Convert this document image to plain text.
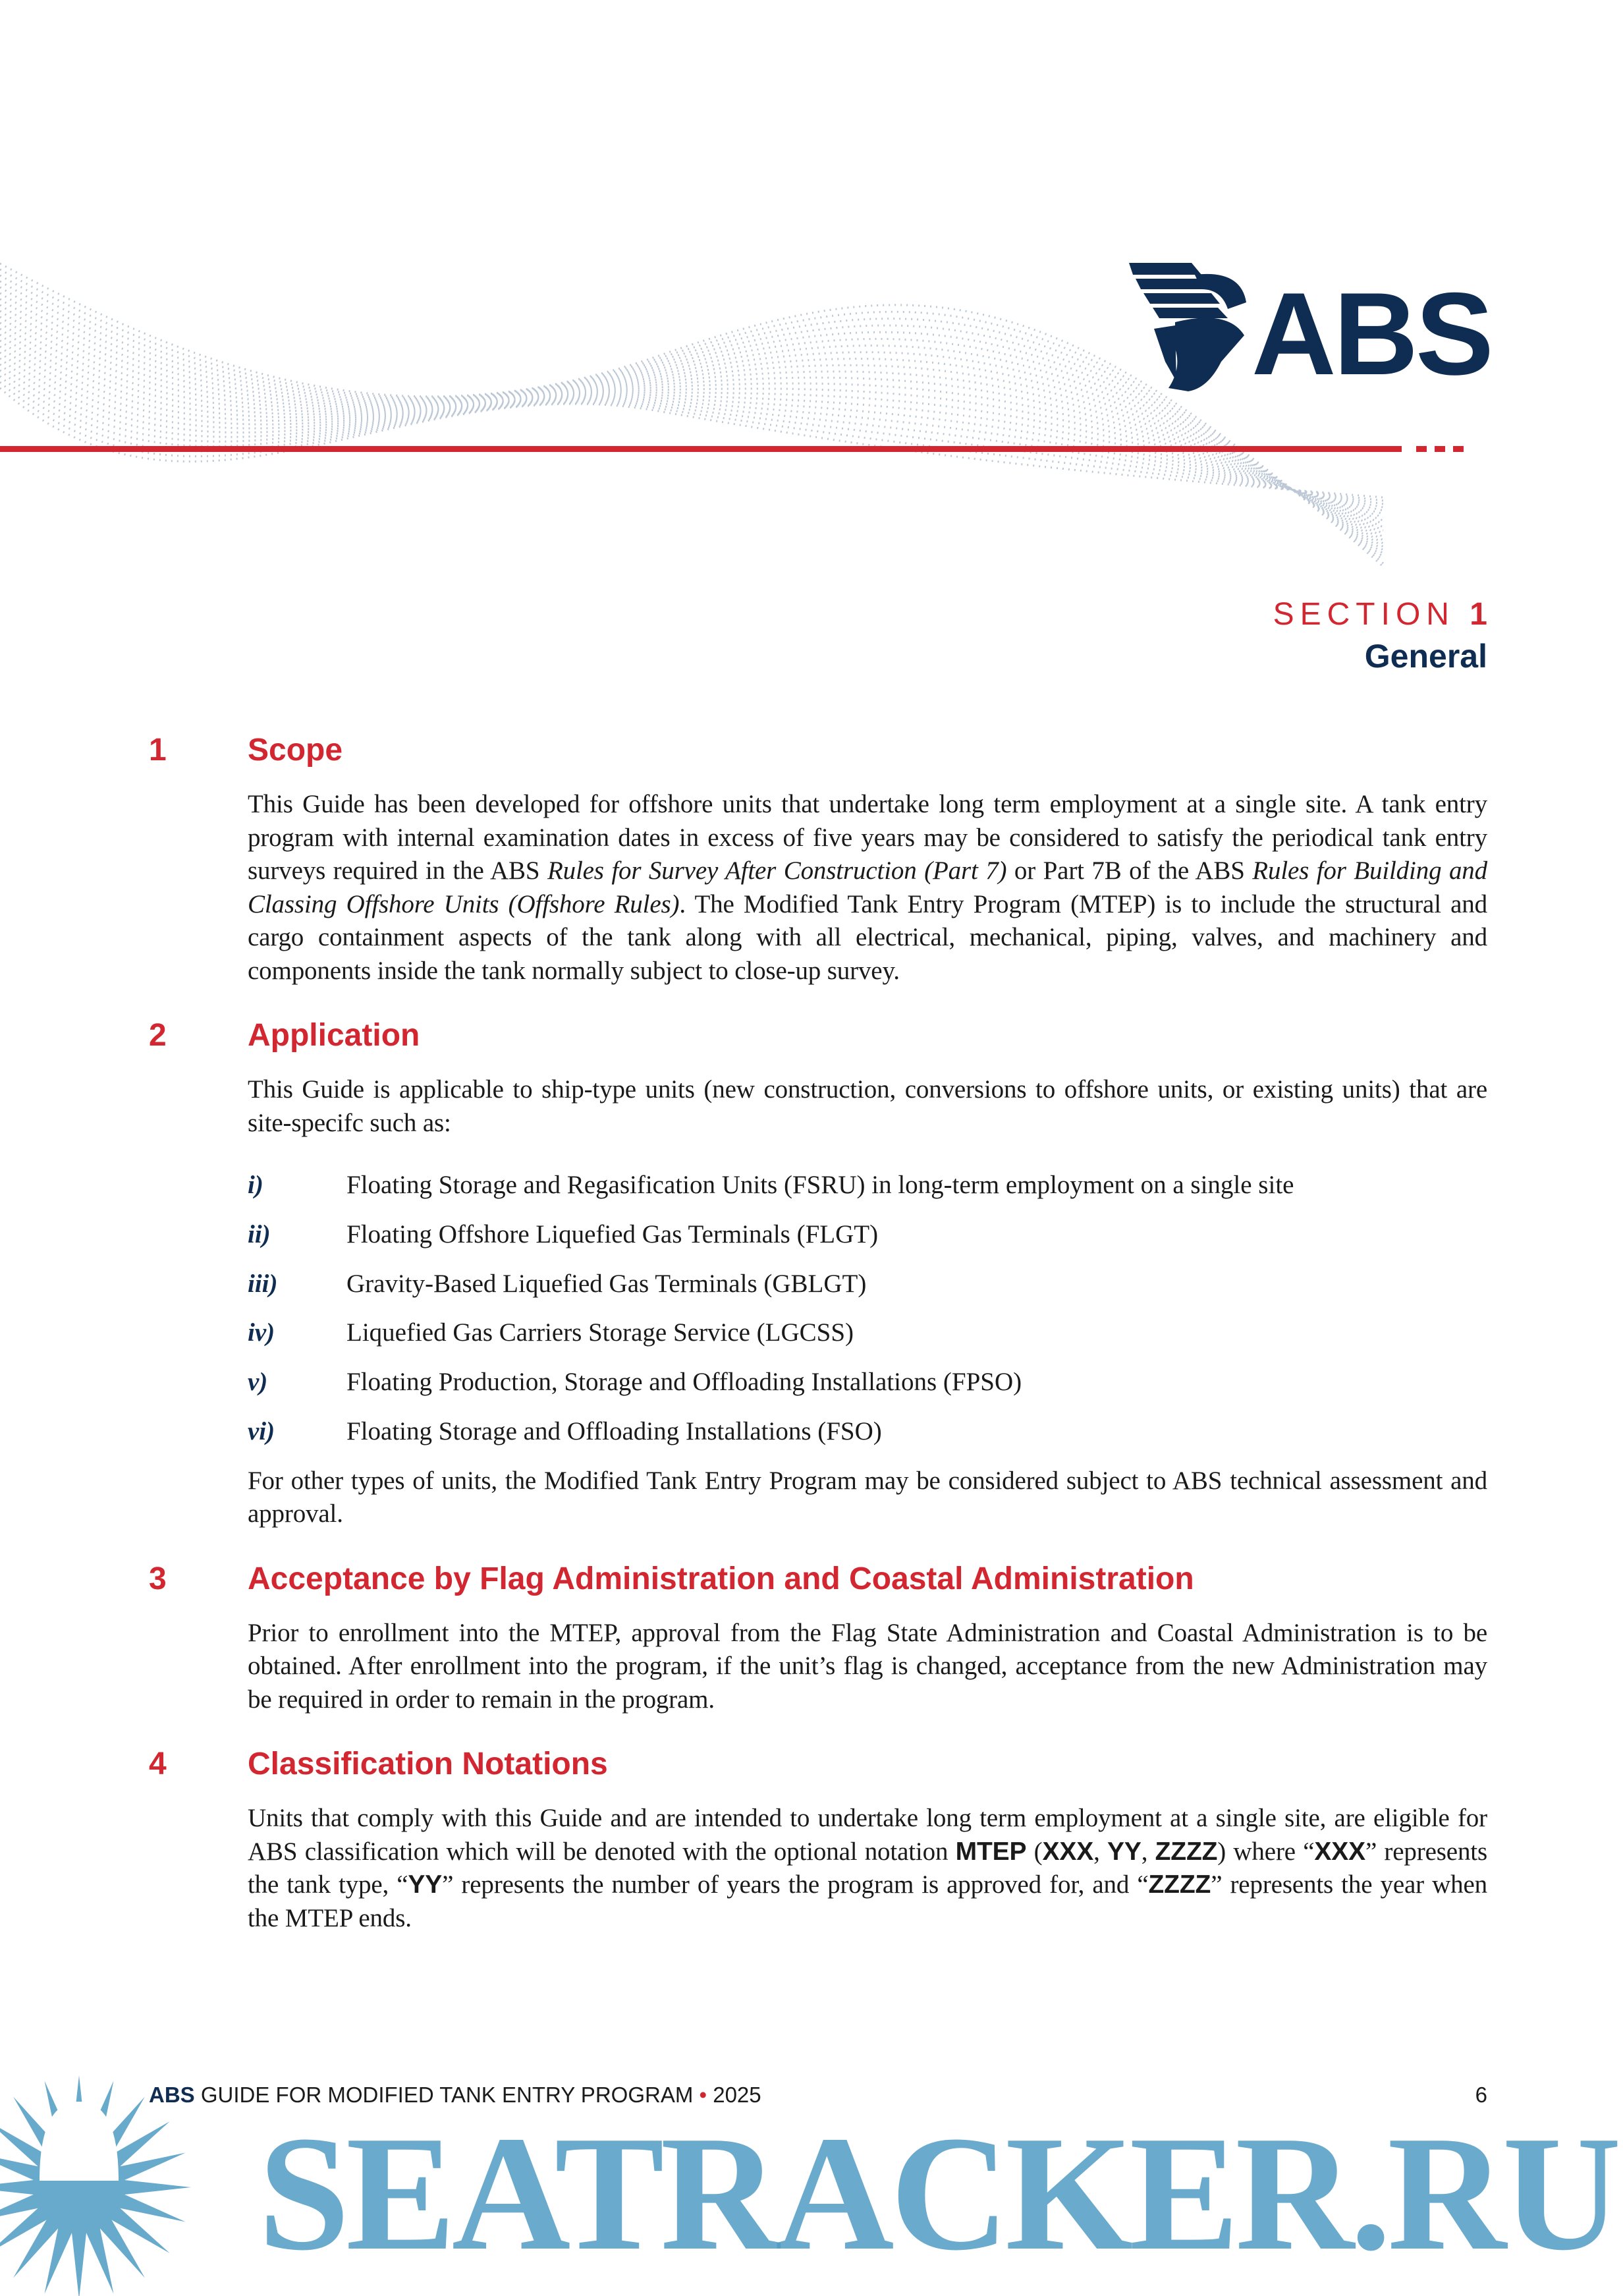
ABS
SECTION 1
General
1	Scope
This Guide has been developed for offshore units that undertake long term employment at a single site. A tank entry program with internal examination dates in excess of five years may be considered to satisfy the periodical tank entry surveys required in the ABS Rules for Survey After Construction (Part 7) or Part 7B of the ABS Rules for Building and Classing Offshore Units (Offshore Rules). The Modified Tank Entry Program (MTEP) is to include the structural and cargo containment aspects of the tank along with all electrical, mechanical, piping, valves, and machinery and components inside the tank normally subject to close-up survey.
2	Application
This Guide is applicable to ship-type units (new construction, conversions to offshore units, or existing units) that are site-specifc such as:
i)	Floating Storage and Regasification Units (FSRU) in long-term employment on a single site
ii)	Floating Offshore Liquefied Gas Terminals (FLGT)
iii)	Gravity-Based Liquefied Gas Terminals (GBLGT)
iv)	Liquefied Gas Carriers Storage Service (LGCSS)
v)	Floating Production, Storage and Offloading Installations (FPSO)
vi)	Floating Storage and Offloading Installations (FSO)
For other types of units, the Modified Tank Entry Program may be considered subject to ABS technical assessment and approval.
3	Acceptance by Flag Administration and Coastal Administration
Prior to enrollment into the MTEP, approval from the Flag State Administration and Coastal Administration is to be obtained. After enrollment into the program, if the unit’s flag is changed, acceptance from the new Administration may be required in order to remain in the program.
4	Classification Notations
Units that comply with this Guide and are intended to undertake long term employment at a single site, are eligible for ABS classification which will be denoted with the optional notation MTEP (XXX, YY, ZZZZ) where “XXX” represents the tank type, “YY” represents the number of years the program is approved for, and “ZZZZ” represents the year when the MTEP ends.
SEATRACKER.RU
ABS GUIDE FOR MODIFIED TANK ENTRY PROGRAM • 2025	6
